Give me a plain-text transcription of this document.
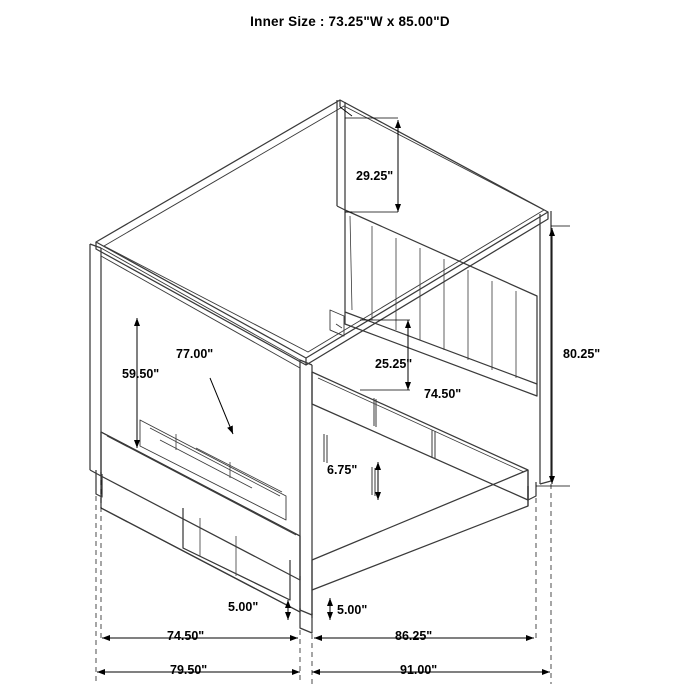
Inner Size : 73.25"W x 85.00"D
29.25"
80.25"
25.25"
74.50"
59.50"
77.00"
6.75"
5.00"	5.00"
74.50"	86.25"
79.50"	91.00"
